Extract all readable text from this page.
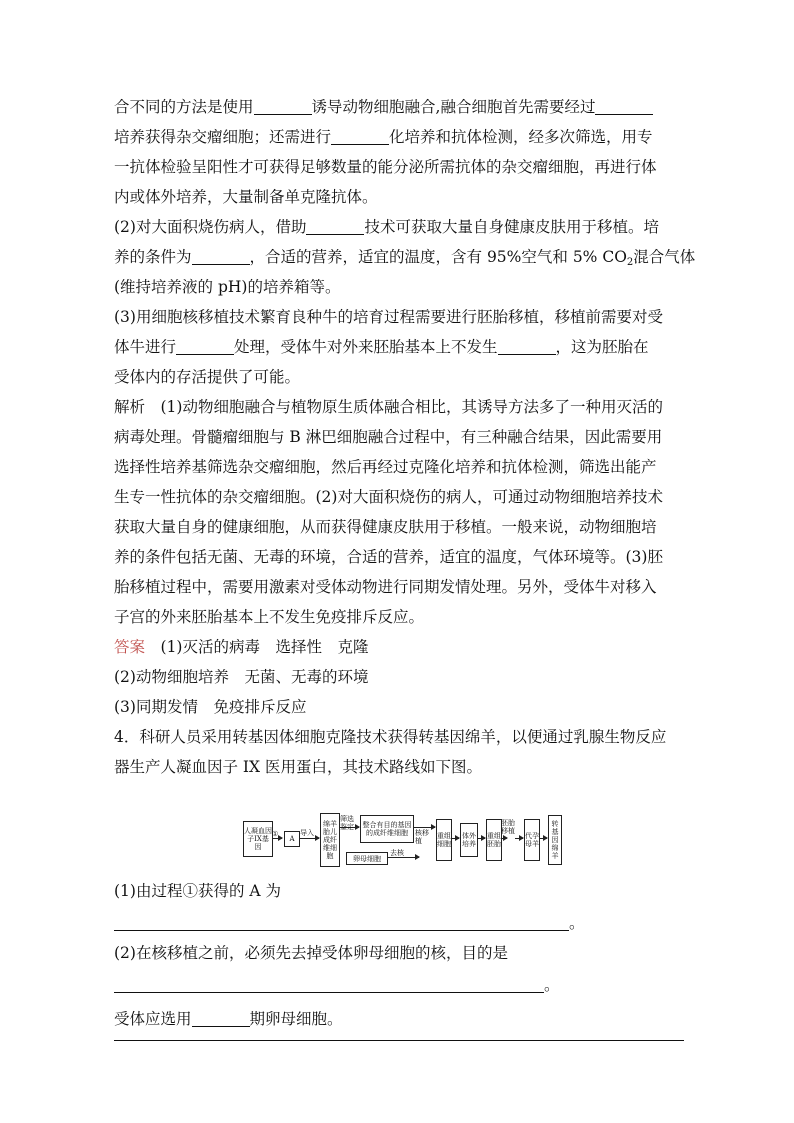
合不同的方法是使用	诱导动物细胞融合,融合细胞首先需要经过
培养获得杂交瘤细胞；还需进行	化培养和抗体检测，经多次筛选，用专
一抗体检验呈阳性才可获得足够数量的能分泌所需抗体的杂交瘤细胞，再进行体
内或体外培养，大量制备单克隆抗体。
(2)对大面积烧伤病人，借助	技术可获取大量自身健康皮肤用于移植。培
养的条件为	，合适的营养，适宜的温度，含有 95%空气和 5% CO2混合气体
(维持培养液的 pH)的培养箱等。
(3)用细胞核移植技术繁育良种牛的培育过程需要进行胚胎移植，移植前需要对受
体牛进行	处理，受体牛对外来胚胎基本上不发生	，这为胚胎在
受体内的存活提供了可能。
解析　(1)动物细胞融合与植物原生质体融合相比，其诱导方法多了一种用灭活的
病毒处理。骨髓瘤细胞与 B 淋巴细胞融合过程中，有三种融合结果，因此需要用
选择性培养基筛选杂交瘤细胞，然后再经过克隆化培养和抗体检测，筛选出能产
生专一性抗体的杂交瘤细胞。(2)对大面积烧伤的病人，可通过动物细胞培养技术
获取大量自身的健康细胞，从而获得健康皮肤用于移植。一般来说，动物细胞培
养的条件包括无菌、无毒的环境，合适的营养，适宜的温度，气体环境等。(3)胚
胎移植过程中，需要用激素对受体动物进行同期发情处理。另外，受体牛对移入
子宫的外来胚胎基本上不发生免疫排斥反应。
答案　(1)灭活的病毒　选择性　克隆
(2)动物细胞培养　无菌、无毒的环境
(3)同期发情　免疫排斥反应
4．科研人员采用转基因体细胞克隆技术获得转基因绵羊，以便通过乳腺生物反应
器生产人凝血因子 IX 医用蛋白，其技术路线如下图。
人凝血因子IX基因
①
A
导入
绵羊胎儿成纤维细胞
筛选鉴定	整合有目的基因的成纤维细胞
卵母细胞
去核
核移植
重组细胞
体外培养
重组胚胎
胚胎移植
代孕母羊
转基因绵羊
(1)由过程①获得的 A 为
。
(2)在核移植之前，必须先去掉受体卵母细胞的核，目的是
。
受体应选用	期卵母细胞。
